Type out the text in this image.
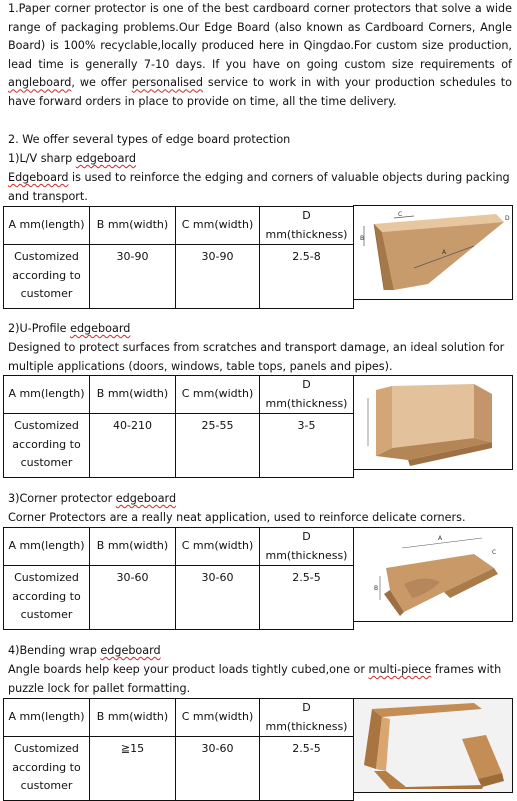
1.Paper corner protector is one of the best cardboard corner protectors that solve a wide range of packaging problems.Our Edge Board (also known as Cardboard Corners, Angle Board) is 100% recyclable,locally produced here in Qingdao.For custom size production, lead time is generally 7-10 days. If you have on going custom size requirements of angleboard, we offer personalised service to work in with your production schedules to have forward orders in place to provide on time, all the time delivery.

2. We offer several types of edge board protection

1)L/V sharp edgeboard

Edgeboard is used to reinforce the edging and corners of valuable objects during packing and transport.

A mm(length)	B mm(width)	C mm(width)	D mm(thickness)
Customized
according to
customer	30-90	30-90	2.5-8
B
C
D
A

2)U-Profile edgeboard

Designed to protect surfaces from scratches and transport damage, an ideal solution for multiple applications (doors, windows, table tops, panels and pipes).

A mm(length)	B mm(width)	C mm(width)	D mm(thickness)
Customized
according to
customer	40-210	25-55	3-5

3)Corner protector edgeboard

Corner Protectors are a really neat application, used to reinforce delicate corners.

A mm(length)	B mm(width)	C mm(width)	D mm(thickness)
Customized
according to
customer	30-60	30-60	2.5-5
A
C
B

4)Bending wrap edgeboard

Angle boards help keep your product loads tightly cubed,one or multi-piece frames with puzzle lock for pallet formatting.

A mm(length)	B mm(width)	C mm(width)	D mm(thickness)
Customized
according to
customer	≧15	30-60	2.5-5
